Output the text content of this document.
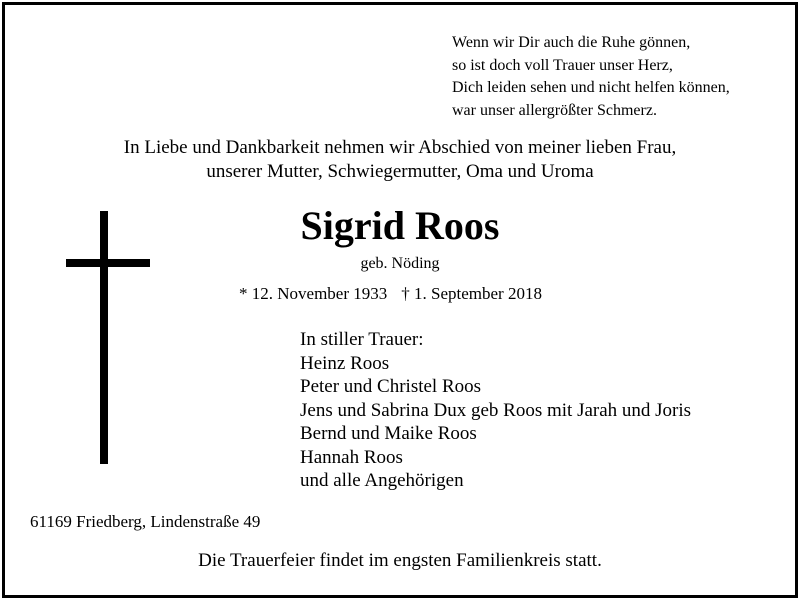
Wenn wir Dir auch die Ruhe gönnen,
so ist doch voll Trauer unser Herz,
Dich leiden sehen und nicht helfen können,
war unser allergrößter Schmerz.
In Liebe und Dankbarkeit nehmen wir Abschied von meiner lieben Frau,
unserer Mutter, Schwiegermutter, Oma und Uroma
Sigrid Roos
geb. Nöding
* 12. November 1933 † 1. September 2018
In stiller Trauer:
Heinz Roos
Peter und Christel Roos
Jens und Sabrina Dux geb Roos mit Jarah und Joris
Bernd und Maike Roos
Hannah Roos
und alle Angehörigen
61169 Friedberg, Lindenstraße 49
Die Trauerfeier findet im engsten Familienkreis statt.
